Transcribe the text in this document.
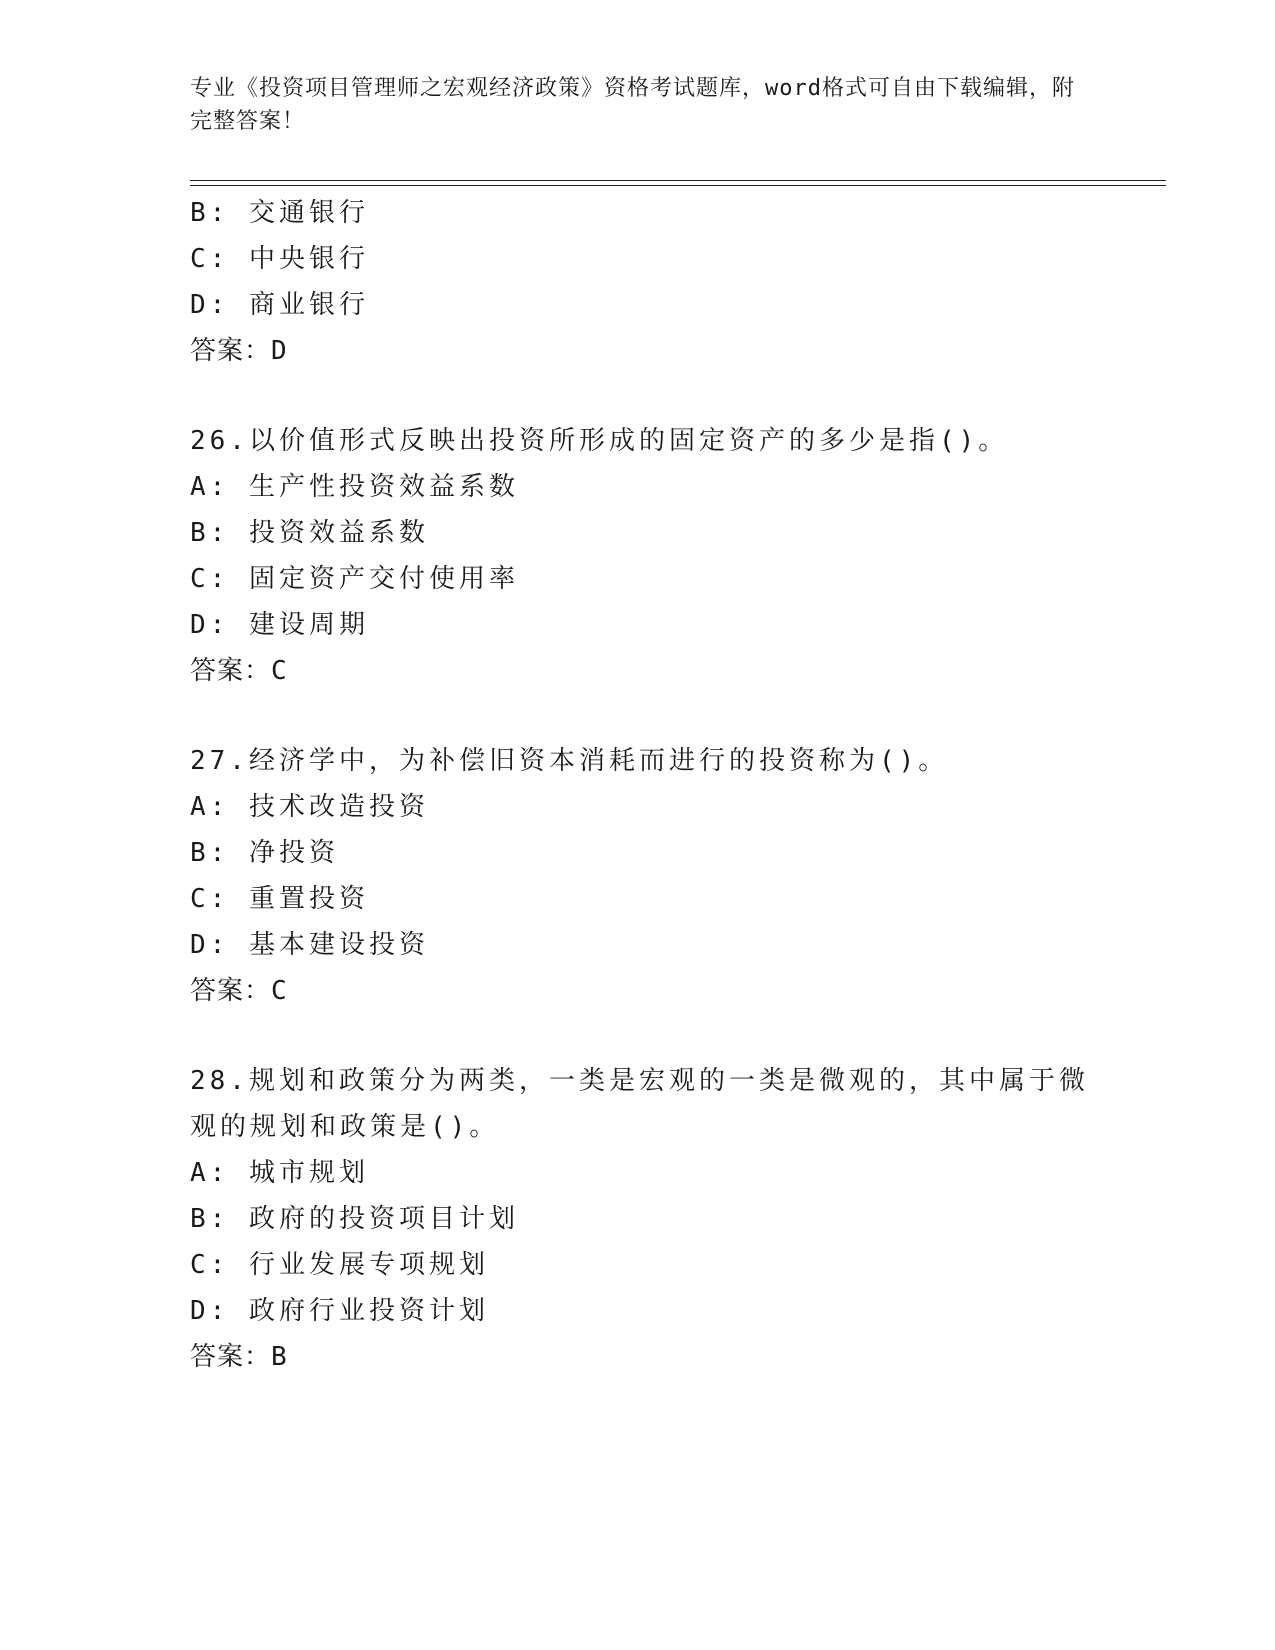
专业《投资项目管理师之宏观经济政策》资格考试题库，word格式可自由下载编辑，附完整答案！
B: 交通银行
C: 中央银行
D: 商业银行
答案：D
26.以价值形式反映出投资所形成的固定资产的多少是指()。
A: 生产性投资效益系数
B: 投资效益系数
C: 固定资产交付使用率
D: 建设周期
答案：C
27.经济学中，为补偿旧资本消耗而进行的投资称为()。
A: 技术改造投资
B: 净投资
C: 重置投资
D: 基本建设投资
答案：C
28.规划和政策分为两类，一类是宏观的一类是微观的，其中属于微观的规划和政策是()。
A: 城市规划
B: 政府的投资项目计划
C: 行业发展专项规划
D: 政府行业投资计划
答案：B
